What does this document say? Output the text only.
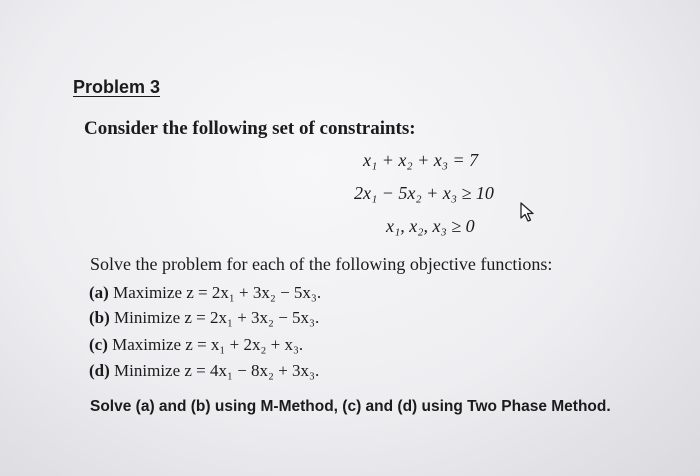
Problem 3
Consider the following set of constraints:
x₁ + x₂ + x₃ = 7
2x₁ − 5x₂ + x₃ ≥ 10
x₁, x₂, x₃ ≥ 0
Solve the problem for each of the following objective functions:
(a) Maximize z = 2x₁ + 3x₂ − 5x₃.
(b) Minimize z = 2x₁ + 3x₂ − 5x₃.
(c) Maximize z = x₁ + 2x₂ + x₃.
(d) Minimize z = 4x₁ − 8x₂ + 3x₃.
Solve (a) and (b) using M-Method, (c) and (d) using Two Phase Method.
